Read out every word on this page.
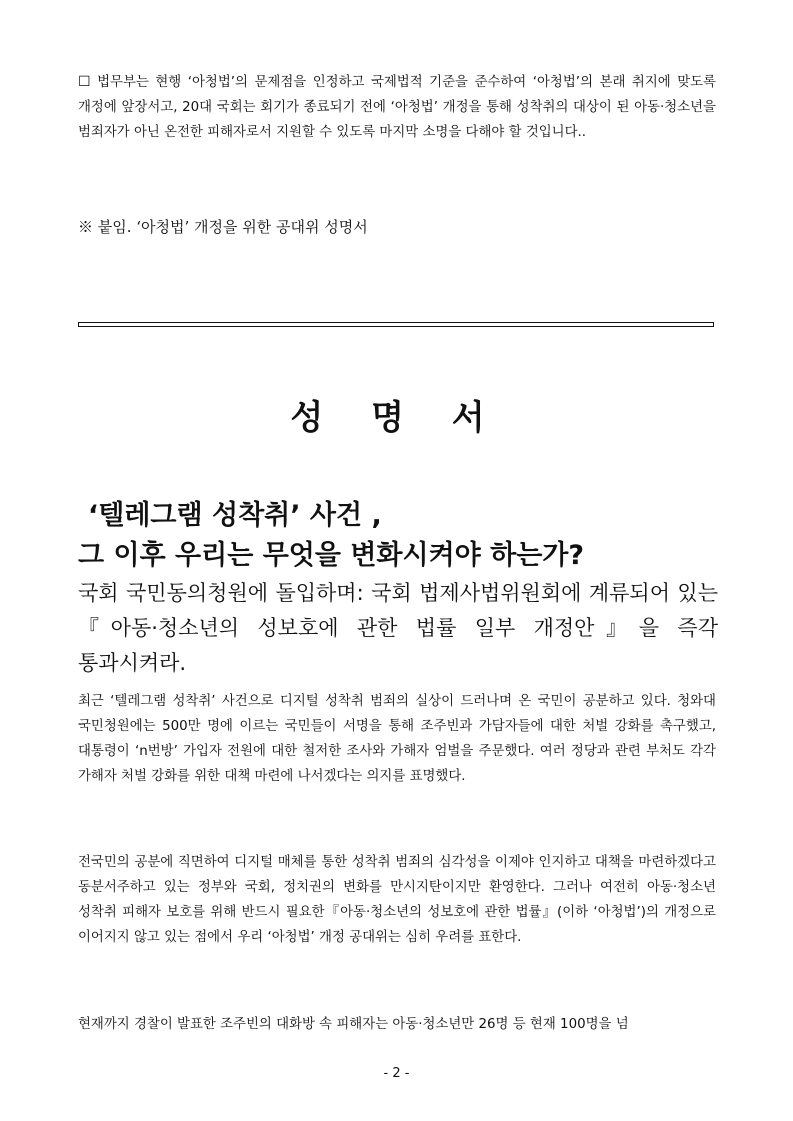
☐ 법무부는 현행 ‘아청법’의 문제점을 인정하고 국제법적 기준을 준수하여 ‘아청법’의 본래 취지에 맞도록 개정에 앞장서고, 20대 국회는 회기가 종료되기 전에 ‘아청법’ 개정을 통해 성착취의 대상이 된 아동·청소년을 범죄자가 아닌 온전한 피해자로서 지원할 수 있도록 마지막 소명을 다해야 할 것입니다..
※ 붙임. ‘아청법’ 개정을 위한 공대위 성명서
성 명 서
‘텔레그램 성착취’ 사건 ,
그 이후 우리는 무엇을 변화시켜야 하는가?
국회 국민동의청원에 돌입하며: 국회 법제사법위원회에 계류되어 있는『아동·청소년의 성보호에 관한 법률 일부 개정안』을 즉각 통과시켜라.
최근 ‘텔레그램 성착취’ 사건으로 디지털 성착취 범죄의 실상이 드러나며 온 국민이 공분하고 있다. 청와대 국민청원에는 500만 명에 이르는 국민들이 서명을 통해 조주빈과 가담자들에 대한 처벌 강화를 촉구했고, 대통령이 ‘n번방’ 가입자 전원에 대한 철저한 조사와 가해자 엄벌을 주문했다. 여러 정당과 관련 부처도 각각 가해자 처벌 강화를 위한 대책 마련에 나서겠다는 의지를 표명했다.
전국민의 공분에 직면하여 디지털 매체를 통한 성착취 범죄의 심각성을 이제야 인지하고 대책을 마련하겠다고 동분서주하고 있는 정부와 국회, 정치권의 변화를 만시지탄이지만 환영한다. 그러나 여전히 아동·청소년 성착취 피해자 보호를 위해 반드시 필요한『아동·청소년의 성보호에 관한 법률』(이하 ‘아청법’)의 개정으로 이어지지 않고 있는 점에서 우리 ‘아청법’ 개정 공대위는 심히 우려를 표한다.
현재까지 경찰이 발표한 조주빈의 대화방 속 피해자는 아동·청소년만 26명 등 현재 100명을 넘
- 2 -
